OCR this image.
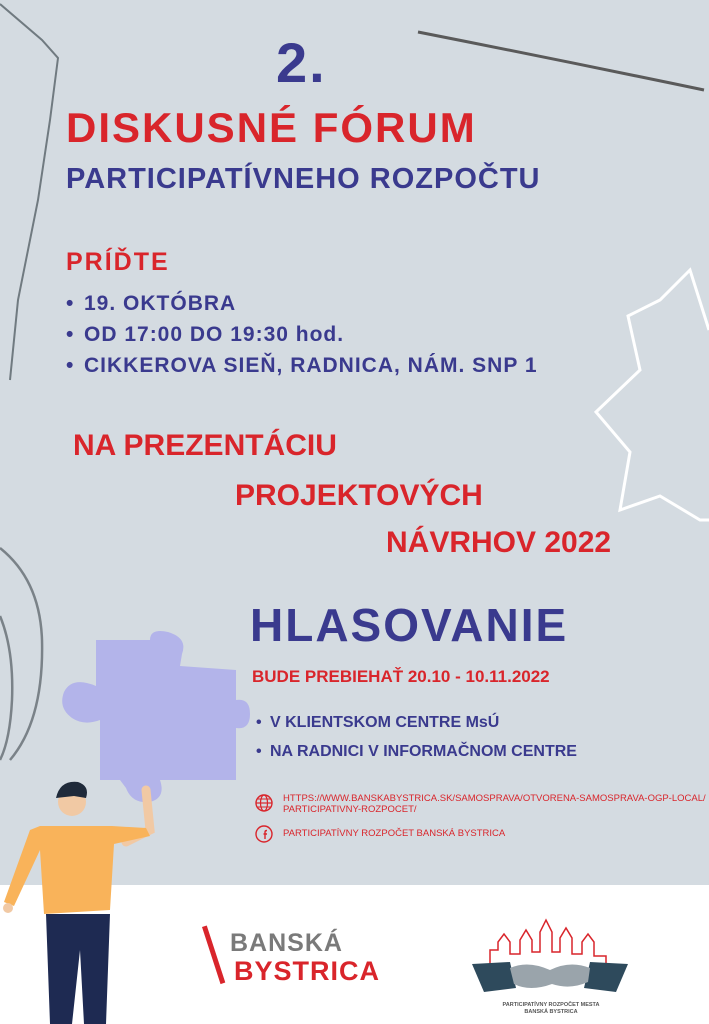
2.
DISKUSNÉ FÓRUM
PARTICIPATÍVNEHO ROZPOČTU
PRÍĎTE
• 19. OKTÓBRA
• OD 17:00 DO 19:30 hod.
• CIKKEROVA SIEŇ, RADNICA, NÁM. SNP 1
NA PREZENTÁCIU
PROJEKTOVÝCH
NÁVRHOV 2022
HLASOVANIE
BUDE PREBIEHAŤ 20.10 - 10.11.2022
• V KLIENTSKOM CENTRE MsÚ
• NA RADNICI V INFORMAČNOM CENTRE
HTTPS://WWW.BANSKABYSTRICA.SK/SAMOSPRAVA/OTVORENA-SAMOSPRAVA-OGP-LOCAL/
PARTICIPATIVNY-ROZPOCET/
PARTICIPATÍVNY ROZPOČET BANSKÁ BYSTRICA
BANSKÁ
BYSTRICA
PARTICIPATÍVNY ROZPOČET MESTA
BANSKÁ BYSTRICA
